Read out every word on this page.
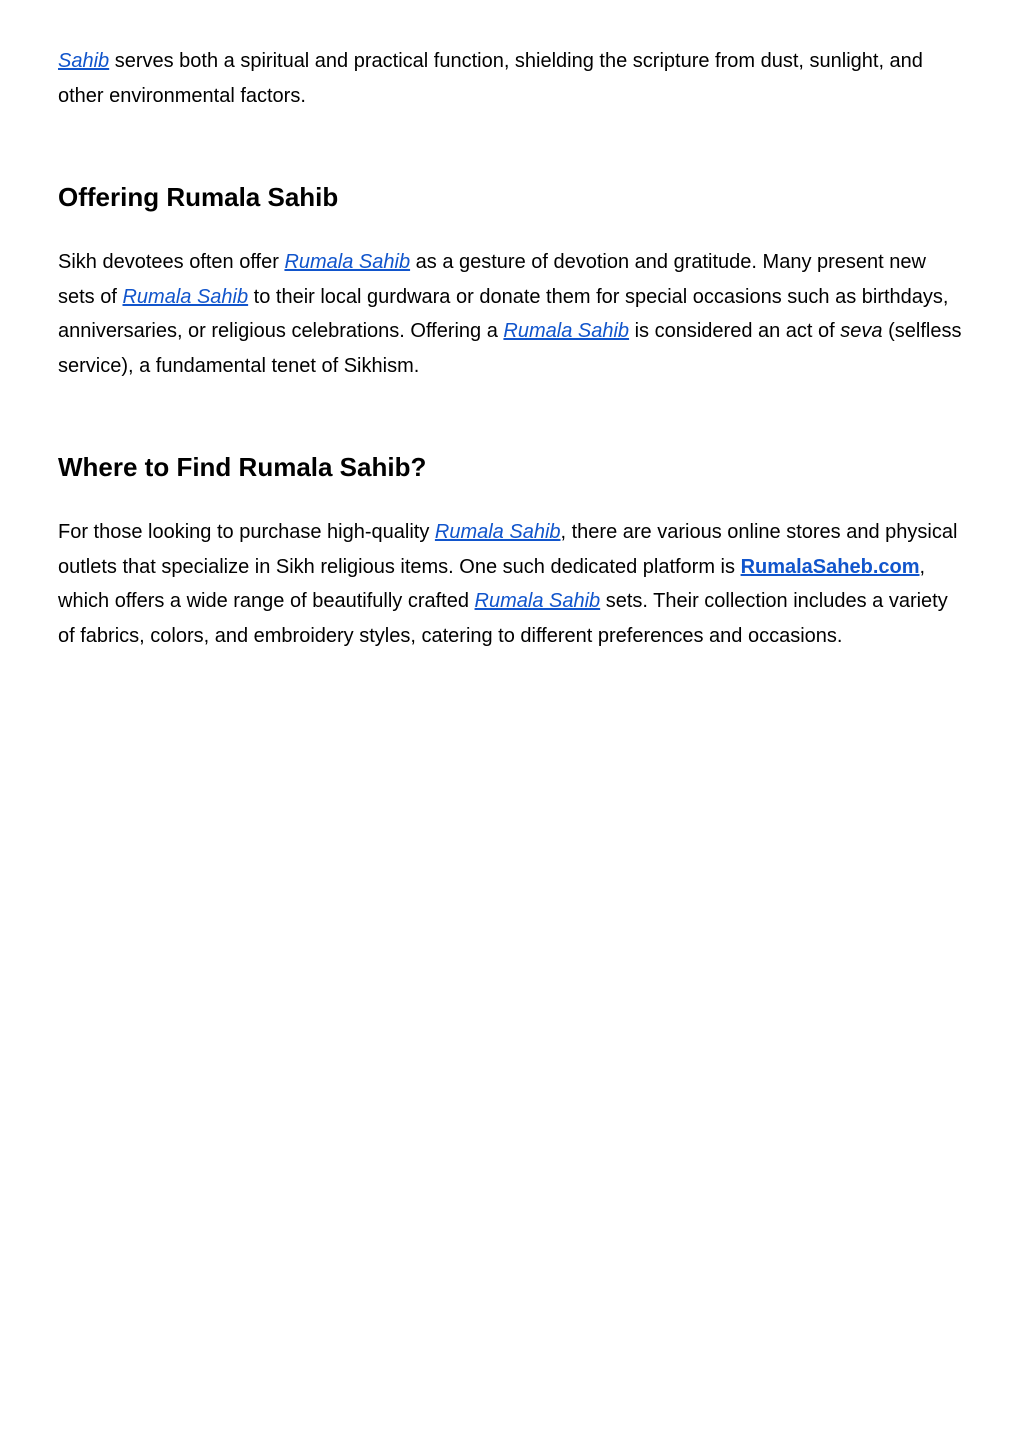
Sahib serves both a spiritual and practical function, shielding the scripture from dust, sunlight, and other environmental factors.

Offering Rumala Sahib

Sikh devotees often offer Rumala Sahib as a gesture of devotion and gratitude. Many present new sets of Rumala Sahib to their local gurdwara or donate them for special occasions such as birthdays, anniversaries, or religious celebrations. Offering a Rumala Sahib is considered an act of seva (selfless service), a fundamental tenet of Sikhism.

Where to Find Rumala Sahib?

For those looking to purchase high-quality Rumala Sahib, there are various online stores and physical outlets that specialize in Sikh religious items. One such dedicated platform is RumalaSaheb.com, which offers a wide range of beautifully crafted Rumala Sahib sets. Their collection includes a variety of fabrics, colors, and embroidery styles, catering to different preferences and occasions.
